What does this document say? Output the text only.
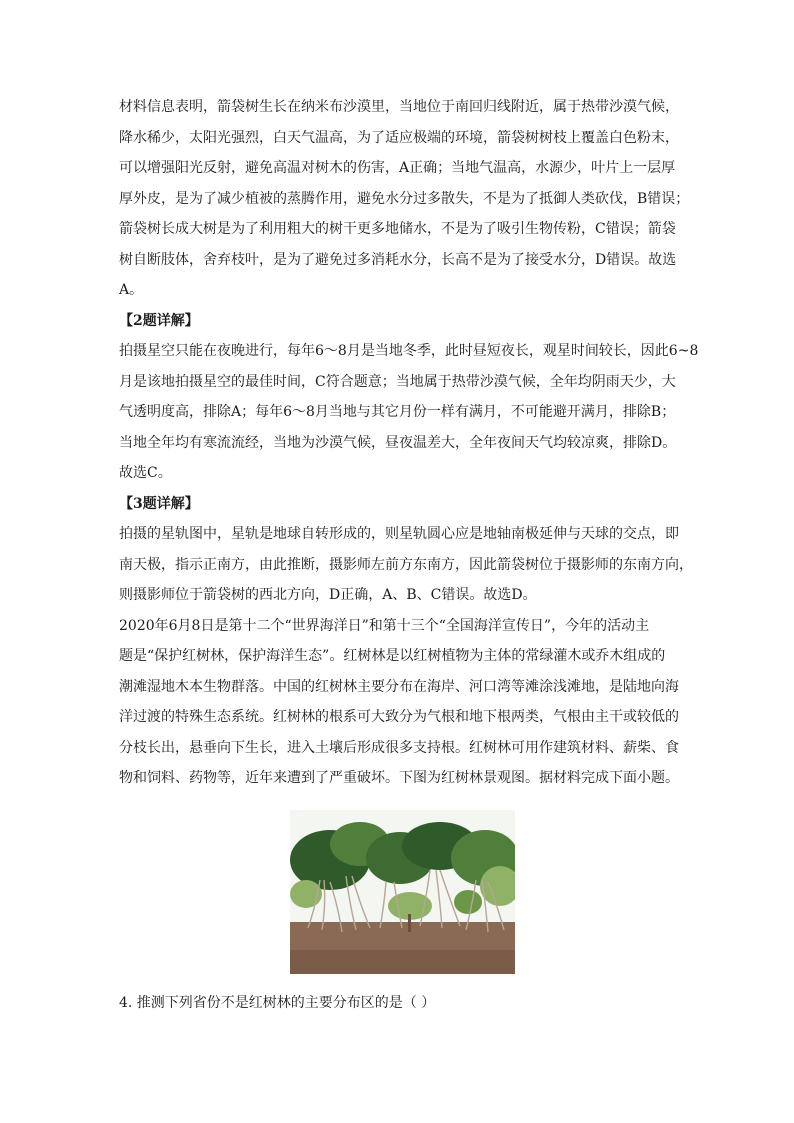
材料信息表明，箭袋树生长在纳米布沙漠里，当地位于南回归线附近，属于热带沙漠气候，
降水稀少，太阳光强烈，白天气温高，为了适应极端的环境，箭袋树树枝上覆盖白色粉末，
可以增强阳光反射，避免高温对树木的伤害，A正确；当地气温高，水源少，叶片上一层厚
厚外皮，是为了减少植被的蒸腾作用，避免水分过多散失，不是为了抵御人类砍伐，B错误；
箭袋树长成大树是为了利用粗大的树干更多地储水，不是为了吸引生物传粉，C错误；箭袋
树自断肢体，舍弃枝叶，是为了避免过多消耗水分，长高不是为了接受水分，D错误。故选
A。

【2题详解】

拍摄星空只能在夜晚进行，每年6～8月是当地冬季，此时昼短夜长，观星时间较长，因此6~8
月是该地拍摄星空的最佳时间，C符合题意；当地属于热带沙漠气候，全年均阴雨天少，大
气透明度高，排除A；每年6～8月当地与其它月份一样有满月，不可能避开满月，排除B；
当地全年均有寒流流经，当地为沙漠气候，昼夜温差大，全年夜间天气均较凉爽，排除D。
故选C。

【3题详解】

拍摄的星轨图中，星轨是地球自转形成的，则星轨圆心应是地轴南极延伸与天球的交点，即
南天极，指示正南方，由此推断，摄影师左前方东南方，因此箭袋树位于摄影师的东南方向，
则摄影师位于箭袋树的西北方向，D正确，A、B、C错误。故选D。

2020年6月8日是第十二个“世界海洋日”和第十三个“全国海洋宣传日”，今年的活动主
题是“保护红树林，保护海洋生态”。红树林是以红树植物为主体的常绿灌木或乔木组成的
潮滩湿地木本生物群落。中国的红树林主要分布在海岸、河口湾等滩涂浅滩地，是陆地向海
洋过渡的特殊生态系统。红树林的根系可大致分为气根和地下根两类，气根由主干或较低的
分枝长出，悬垂向下生长，进入土壤后形成很多支持根。红树林可用作建筑材料、薪柴、食
物和饲料、药物等，近年来遭到了严重破坏。下图为红树林景观图。据材料完成下面小题。

4. 推测下列省份不是红树林的主要分布区的是（ ）
